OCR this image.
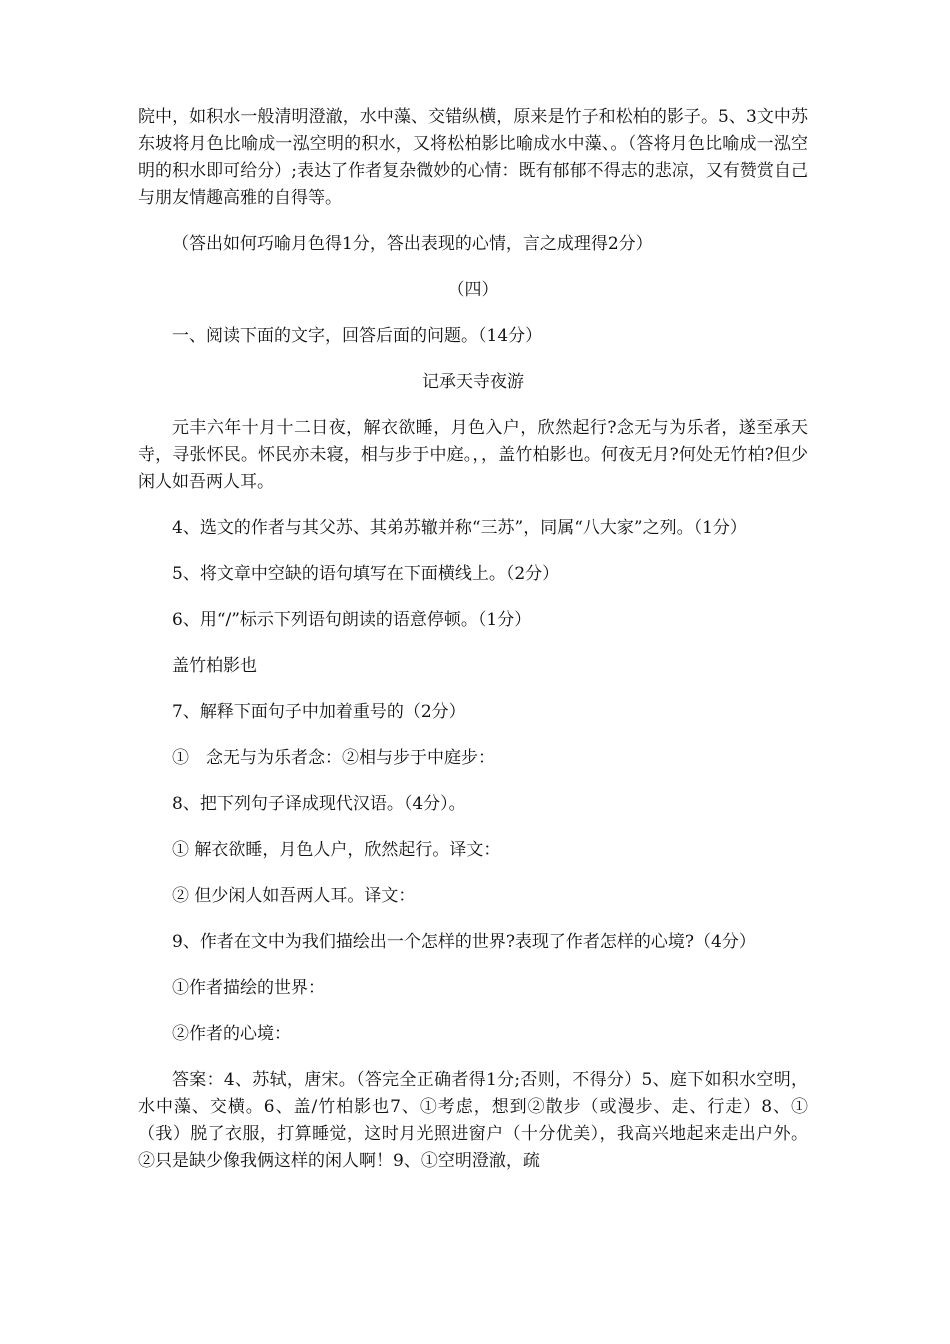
院中，如积水一般清明澄澈，水中藻、交错纵横，原来是竹子和松柏的影子。5、3文中苏东坡将月色比喻成一泓空明的积水，又将松柏影比喻成水中藻、。（答将月色比喻成一泓空明的积水即可给分）;表达了作者复杂微妙的心情：既有郁郁不得志的悲凉，又有赞赏自己与朋友情趣高雅的自得等。

（答出如何巧喻月色得1分，答出表现的心情，言之成理得2分）

（四）

一、阅读下面的文字，回答后面的问题。（14分）

记承天寺夜游

元丰六年十月十二日夜，解衣欲睡，月色入户，欣然起行?念无与为乐者，遂至承天寺，寻张怀民。怀民亦未寝，相与步于中庭。，，盖竹柏影也。何夜无月?何处无竹柏?但少闲人如吾两人耳。

4、选文的作者与其父苏、其弟苏辙并称“三苏”，同属“八大家”之列。（1分）

5、将文章中空缺的语句填写在下面横线上。（2分）

6、用“/”标示下列语句朗读的语意停顿。（1分）

盖竹柏影也

7、解释下面句子中加着重号的（2分）

①　念无与为乐者念：②相与步于中庭步：

8、把下列句子译成现代汉语。（4分）。

① 解衣欲睡，月色人户，欣然起行。译文：

② 但少闲人如吾两人耳。译文：

9、作者在文中为我们描绘出一个怎样的世界?表现了作者怎样的心境?（4分）

①作者描绘的世界：

②作者的心境：

答案：4、苏轼，唐宋。（答完全正确者得1分;否则，不得分）5、庭下如积水空明，水中藻、交横。6、盖/竹柏影也7、①考虑，想到②散步（或漫步、走、行走）8、①（我）脱了衣服，打算睡觉，这时月光照进窗户（十分优美），我高兴地起来走出户外。②只是缺少像我俩这样的闲人啊！9、①空明澄澈，疏
